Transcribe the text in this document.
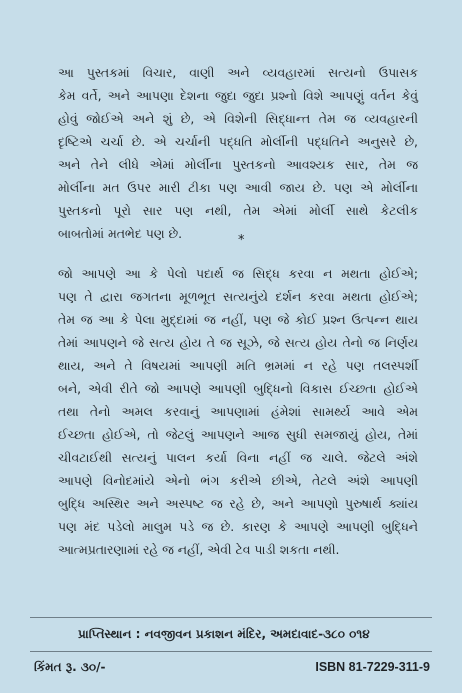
આ પુસ્તકમાં વિચાર, વાણી અને વ્યવહારમાં સત્યનો ઉપાસક
કેમ વર્તે, અને આપણા દેશના જુદા જુદા પ્રશ્નો વિશે આપણું વર્તન કેવું
હોવું જોઈએ અને શું છે, એ વિશેની સિદ્ધાન્ત તેમ જ વ્યવહારની
દૃષ્ટિએ ચર્ચા છે. એ ચર્ચાની પદ્ધતિ મોર્લીની પદ્ધતિને અનુસરે છે,
અને તેને લીધે એમાં મોર્લીના પુસ્તકનો આવશ્યક સાર, તેમ જ
મોર્લીના મત ઉપર મારી ટીકા પણ આવી જાય છે. પણ એ મોર્લીના
પુસ્તકનો પૂરો સાર પણ નથી, તેમ એમાં મોર્લી સાથે કેટલીક
બાબતોમાં મતભેદ પણ છે.	*

જો આપણે આ કે પેલો પદાર્થ જ સિદ્ધ કરવા ન મથતા હોઈએ;
પણ તે દ્વારા જગતના મૂળભૂત સત્યનુંયે દર્શન કરવા મથતા હોઈએ;
તેમ જ આ કે પેલા મુદ્દામાં જ નહીં, પણ જે કોઈ પ્રશ્ન ઉત્પન્ન થાય
તેમાં આપણને જે સત્ય હોય તે જ સૂઝે, જે સત્ય હોય તેનો જ નિર્ણય
થાય, અને તે વિષયમાં આપણી મતિ ભ્રમમાં ન રહે પણ તલસ્પર્શી
બને, એવી રીતે જો આપણે આપણી બુદ્ધિનો વિકાસ ઈચ્છતા હોઈએ
તથા તેનો અમલ કરવાનું આપણામાં હંમેશાં સામર્થ્ય આવે એમ
ઈચ્છતા હોઈએ, તો જેટલું આપણને આજ સુધી સમજાયું હોય, તેમાં
ચીવટાઈથી સત્યનું પાલન કર્યા વિના નહીં જ ચાલે. જેટલે અંશે
આપણે વિનોદમાંયે એનો ભંગ કરીએ છીએ, તેટલે અંશે આપણી
બુદ્ધિ અસ્થિર અને અસ્પષ્ટ જ રહે છે, અને આપણો પુરુષાર્થ ક્યાંય
પણ મંદ પડેલો માલુમ પડે જ છે. કારણ કે આપણે આપણી બુદ્ધિને
આત્મપ્રતારણામાં રહે જ નહીં, એવી ટેવ પાડી શકતા નથી.

પ્રાપ્તિસ્થાન : નવજીવન પ્રકાશન મંદિર, અમદાવાદ-૩૮૦ ૦૧૪
કિંમત રૂ. ૩૦/-	ISBN 81-7229-311-9
